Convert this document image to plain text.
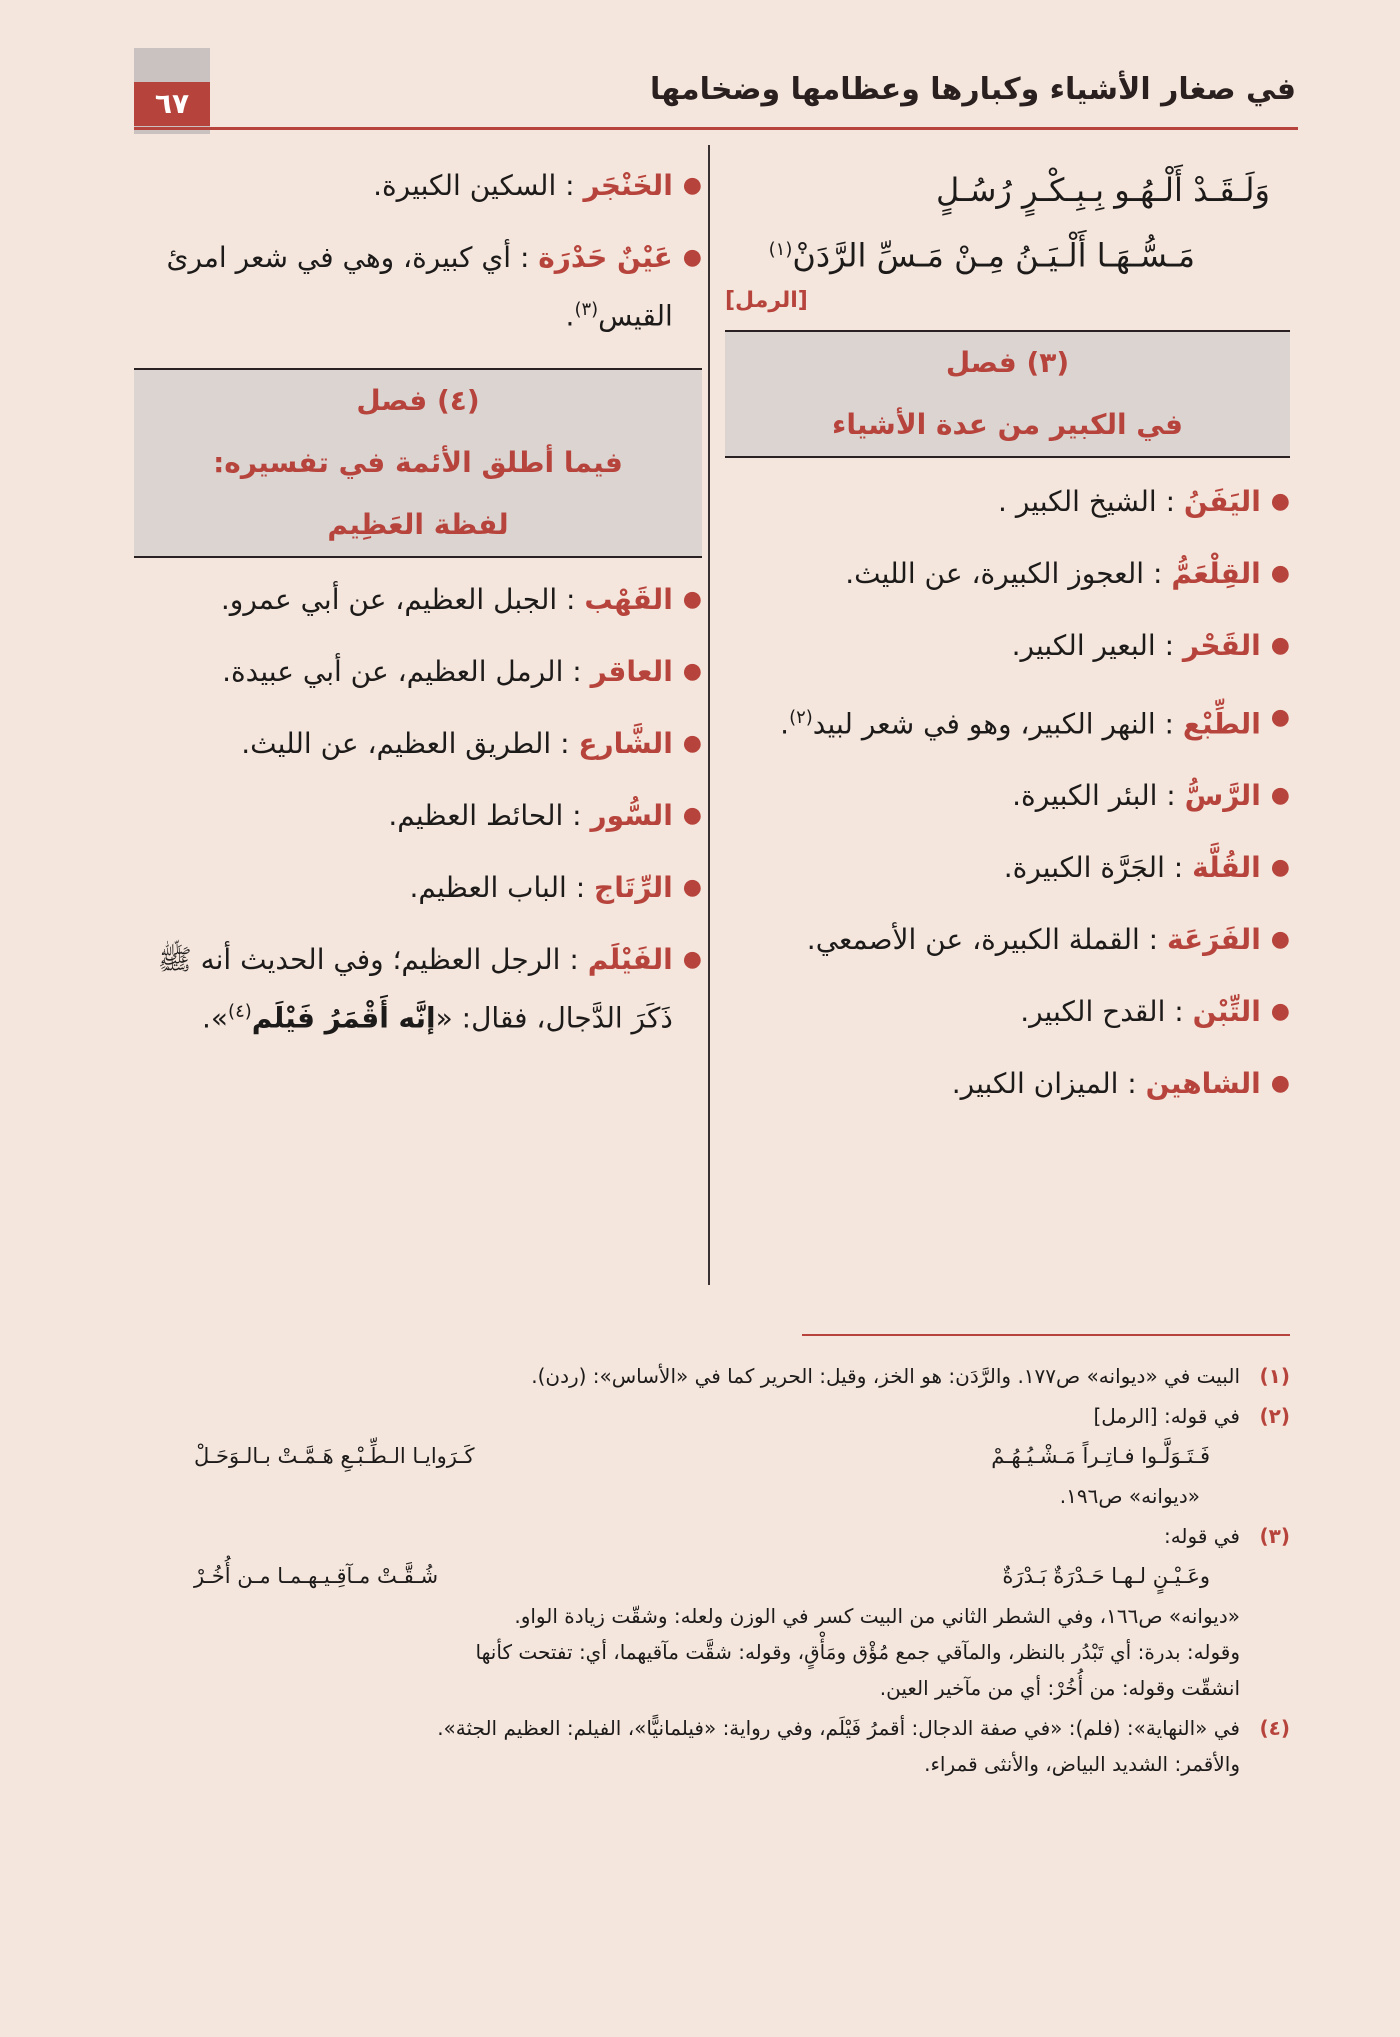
٦٧	في صغار الأشياء وكبارها وعظامها وضخامها
وَلَـقَـدْ أَلْـهُـو بِـبِـكْـرٍ رُسُـلٍ
مَـسُّـهَـا أَلْـيَـنُ مِـنْ مَـسِّ الرَّدَنْ$^{(١)}$
[الرمل]

(٣) فصل

في الكبير من عدة الأشياء

●
اليَفَنُ : الشيخ الكبير .
●
القِلْعَمُّ : العجوز الكبيرة، عن الليث.
●
القَحْر : البعير الكبير.
●
الطِّبْع : النهر الكبير، وهو في شعر لبيد$^{(٢)}$.
●
الرَّسُّ : البئر الكبيرة.
●
القُلَّة : الجَرَّة الكبيرة.
●
الفَرَعَة : القملة الكبيرة، عن الأصمعي.
●
التِّبْن : القدح الكبير.
●
الشاهين : الميزان الكبير.
●
الخَنْجَر : السكين الكبيرة.
●
عَيْنٌ حَدْرَة : أي كبيرة، وهي في شعر امرئ القيس$^{(٣)}$.

(٤) فصل

فيما أطلق الأئمة في تفسيره:

لفظة العَظِيم

●
القَهْب : الجبل العظيم، عن أبي عمرو.
●
العاقر : الرمل العظيم، عن أبي عبيدة.
●
الشَّارع : الطريق العظيم، عن الليث.
●
السُّور : الحائط العظيم.
●
الرِّتَاج : الباب العظيم.
●
الفَيْلَم : الرجل العظيم؛ وفي الحديث أنه ﷺ ذَكَرَ الدَّجال، فقال: «إنَّه أَقْمَرُ فَيْلَم$^{(٤)}$».
(١)
البيت في «ديوانه» ص١٧٧. والرَّدَن: هو الخز، وقيل: الحرير كما في «الأساس»: (ردن).
(٢)
في قوله: [الرمل]
فَـتَـوَلَّـوا فـاتِـراً مَـشْـيُـهُـمْ
كَـرَوايـا الـطِّـبْـعِ هَـمَّـتْ بـالـوَحَـلْ
«ديوانه» ص١٩٦.
(٣)
في قوله:
وعَـيْـنٍ لـهـا حَـدْرَةٌ بَـدْرَةٌ
شُـقَّـتْ مـآقِـيـهـمـا مـن أُخُـرْ
«ديوانه» ص١٦٦، وفي الشطر الثاني من البيت كسر في الوزن ولعله: وشقّت زيادة الواو.
وقوله: بدرة: أي تَبْدُر بالنظر، والمآقي جمع مُؤْق ومَأْقٍ، وقوله: شقَّت مآقيهما، أي: تفتحت كأنها
انشقّت وقوله: من أُخُرْ: أي من مآخير العين.
(٤)
في «النهاية»: (فلم): «في صفة الدجال: أقمرُ فَيْلَم، وفي رواية: «فيلمانيًّا»، الفيلم: العظيم الجثة».
والأقمر: الشديد البياض، والأنثى قمراء.
